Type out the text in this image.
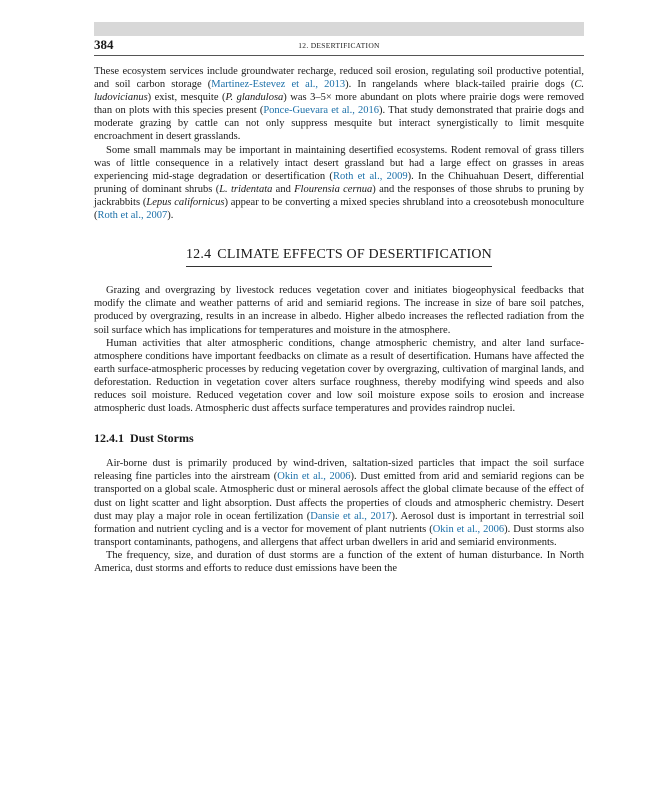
384	12. DESERTIFICATION

These ecosystem services include groundwater recharge, reduced soil erosion, regulating soil productive potential, and soil carbon storage (Martinez-Estevez et al., 2013). In rangelands where black-tailed prairie dogs (C. ludovicianus) exist, mesquite (P. glandulosa) was 3–5× more abundant on plots where prairie dogs were removed than on plots with this species present (Ponce-Guevara et al., 2016). That study demonstrated that prairie dogs and moderate grazing by cattle can not only suppress mesquite but interact synergistically to limit mesquite encroachment in desert grasslands.

Some small mammals may be important in maintaining desertified ecosystems. Rodent removal of grass tillers was of little consequence in a relatively intact desert grassland but had a large effect on grasses in areas experiencing mid-stage degradation or desertification (Roth et al., 2009). In the Chihuahuan Desert, differential pruning of dominant shrubs (L. tridentata and Flourensia cernua) and the responses of those shrubs to pruning by jackrabbits (Lepus californicus) appear to be converting a mixed species shrubland into a creosotebush monoculture (Roth et al., 2007).

12.4 CLIMATE EFFECTS OF DESERTIFICATION

Grazing and overgrazing by livestock reduces vegetation cover and initiates biogeophysical feedbacks that modify the climate and weather patterns of arid and semiarid regions. The increase in size of bare soil patches, produced by overgrazing, results in an increase in albedo. Higher albedo increases the reflected radiation from the soil surface which has implications for temperatures and moisture in the atmosphere.

Human activities that alter atmospheric conditions, change atmospheric chemistry, and alter land surface-atmosphere conditions have important feedbacks on climate as a result of desertification. Humans have affected the earth surface-atmospheric processes by reducing vegetation cover by overgrazing, cultivation of marginal lands, and deforestation. Reduction in vegetation cover alters surface roughness, thereby modifying wind speeds and also reduces soil moisture. Reduced vegetation cover and low soil moisture expose soils to erosion and increase atmospheric dust loads. Atmospheric dust affects surface temperatures and provides raindrop nuclei.

12.4.1 Dust Storms

Air-borne dust is primarily produced by wind-driven, saltation-sized particles that impact the soil surface releasing fine particles into the airstream (Okin et al., 2006). Dust emitted from arid and semiarid regions can be transported on a global scale. Atmospheric dust or mineral aerosols affect the global climate because of the effect of dust on light scatter and light absorption. Dust affects the properties of clouds and atmospheric chemistry. Desert dust may play a major role in ocean fertilization (Dansie et al., 2017). Aerosol dust is important in terrestrial soil formation and nutrient cycling and is a vector for movement of plant nutrients (Okin et al., 2006). Dust storms also transport contaminants, pathogens, and allergens that affect urban dwellers in arid and semiarid environments.

The frequency, size, and duration of dust storms are a function of the extent of human disturbance. In North America, dust storms and efforts to reduce dust emissions have been the
